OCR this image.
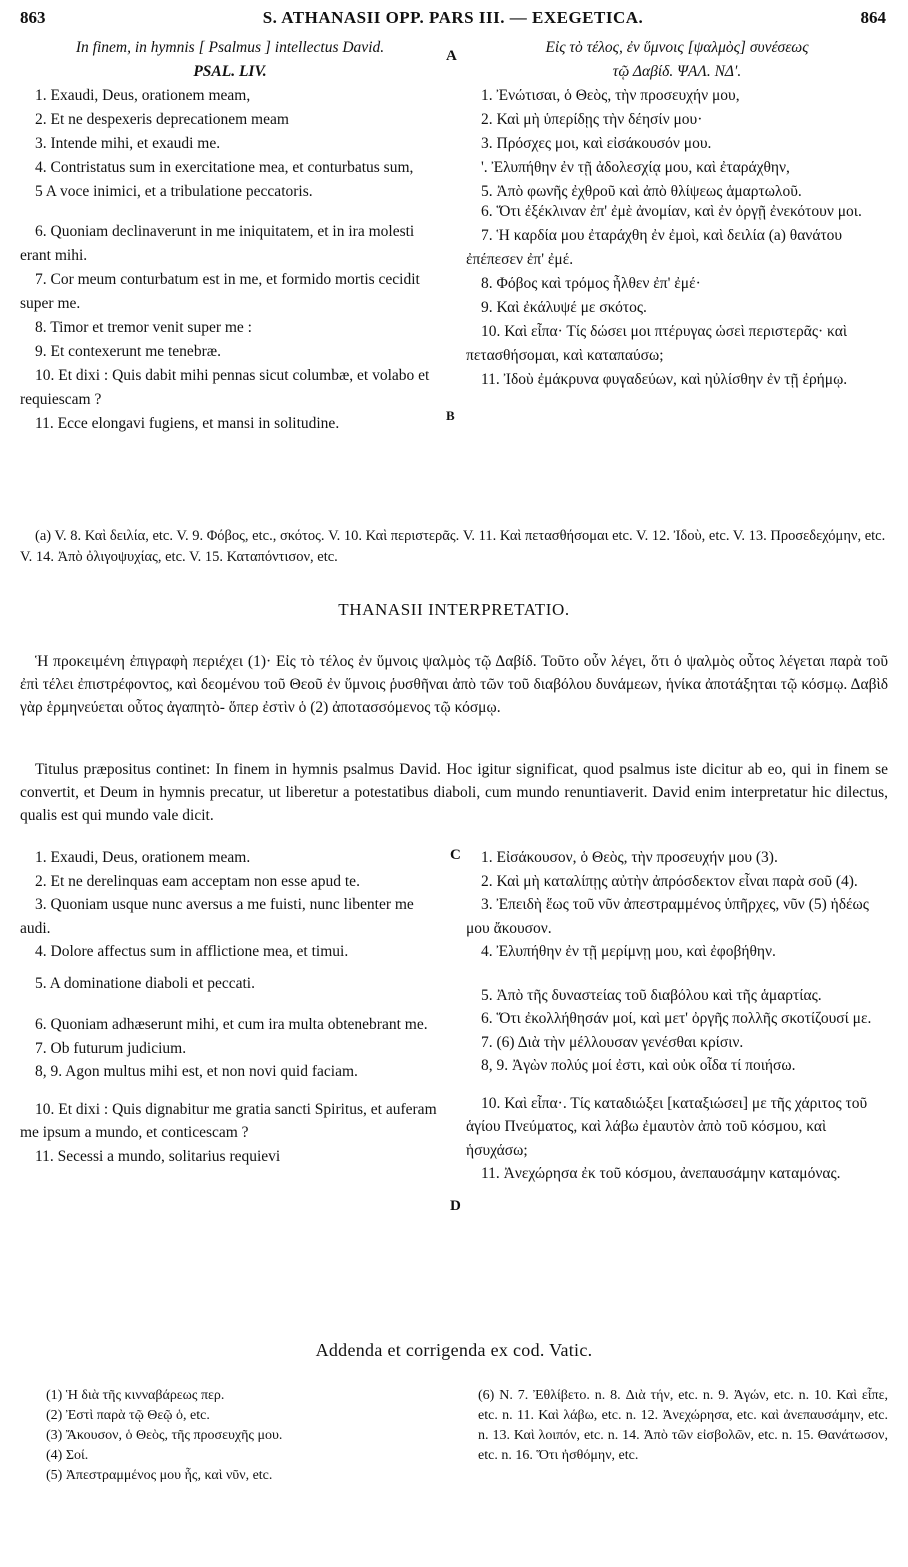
863	S. ATHANASII OPP. PARS III. — EXEGETICA.	864

In finem, in hymnis [ Psalmus ] intellectus David.

PSAL. LIV.

1. Exaudi, Deus, orationem meam,

2. Et ne despexeris deprecationem meam

3. Intende mihi, et exaudi me.

4. Contristatus sum in exercitatione mea, et conturbatus sum,

5 A voce inimici, et a tribulatione peccatoris.

6. Quoniam declinaverunt in me iniquitatem, et in ira molesti erant mihi.

7. Cor meum conturbatum est in me, et formido mortis cecidit super me.

8. Timor et tremor venit super me :

9. Et contexerunt me tenebræ.

10. Et dixi : Quis dabit mihi pennas sicut columbæ, et volabo et requiescam ?

11. Ecce elongavi fugiens, et mansi in solitudine.

A
B

Εἰς τὸ τέλος, ἐν ὕμνοις [ψαλμὸς] συνέσεως

τῷ Δαβίδ. ΨΑΛ. ΝΔ'.

1. Ἐνώτισαι, ὁ Θεὸς, τὴν προσευχήν μου,

2. Καὶ μὴ ὑπερίδῃς τὴν δέησίν μου·

3. Πρόσχες μοι, καὶ εἰσάκουσόν μου.

'. Ἐλυπήθην ἐν τῇ ἀδολεσχίᾳ μου, καὶ ἐταράχθην,

5. Ἀπὸ φωνῆς ἐχθροῦ καὶ ἀπὸ θλίψεως ἁμαρτωλοῦ.

6. Ὅτι ἐξέκλιναν ἐπ' ἐμὲ ἀνομίαν, καὶ ἐν ὀργῇ ἐνεκότουν μοι.

7. Ἡ καρδία μου ἐταράχθη ἐν ἐμοὶ, καὶ δειλία (a) θανάτου ἐπέπεσεν ἐπ' ἐμέ.

8. Φόβος καὶ τρόμος ἦλθεν ἐπ' ἐμέ·

9. Καὶ ἐκάλυψέ με σκότος.

10. Καὶ εἶπα· Τίς δώσει μοι πτέρυγας ὡσεὶ περιστερᾶς· καὶ πετασθήσομαι, καὶ καταπαύσω;

11. Ἰδοὺ ἐμάκρυνα φυγαδεύων, καὶ ηὐλίσθην ἐν τῇ ἐρήμῳ.

(a) V. 8. Καὶ δειλία, etc. V. 9. Φόβος, etc., σκότος. V. 10. Καὶ περιστερᾶς. V. 11. Καὶ πετασθήσομαι etc. V. 12. Ἰδοὺ, etc. V. 13. Προσεδεχόμην, etc. V. 14. Ἀπὸ ὀλιγοψυχίας, etc. V. 15. Καταπόντισον, etc.

THANASII INTERPRETATIO.

Ἡ προκειμένη ἐπιγραφὴ περιέχει (1)· Εἰς τὸ τέλος ἐν ὕμνοις ψαλμὸς τῷ Δαβίδ. Τοῦτο οὖν λέγει, ὅτι ὁ ψαλμὸς οὗτος λέγεται παρὰ τοῦ ἐπὶ τέλει ἐπιστρέφοντος, καὶ δεομένου τοῦ Θεοῦ ἐν ὕμνοις ῥυσθῆναι ἀπὸ τῶν τοῦ διαβόλου δυνάμεων, ἡνίκα ἀποτάξηται τῷ κόσμῳ. Δαβὶδ γὰρ ἑρμηνεύεται οὗτος ἀγαπητὸ- ὅπερ ἐστὶν ὁ (2) ἀποτασσόμενος τῷ κόσμῳ.

Titulus præpositus continet: In finem in hymnis psalmus David. Hoc igitur significat, quod psalmus iste dicitur ab eo, qui in finem se convertit, et Deum in hymnis precatur, ut liberetur a potestatibus diaboli, cum mundo renuntiaverit. David enim interpretatur hic dilectus, qualis est qui mundo vale dicit.

1. Exaudi, Deus, orationem meam.

2. Et ne derelinquas eam acceptam non esse apud te.

3. Quoniam usque nunc aversus a me fuisti, nunc libenter me audi.

4. Dolore affectus sum in afflictione mea, et timui.

5. A dominatione diaboli et peccati.

6. Quoniam adhæserunt mihi, et cum ira multa obtenebrant me.

7. Ob futurum judicium.

8, 9. Agon multus mihi est, et non novi quid faciam.

10. Et dixi : Quis dignabitur me gratia sancti Spiritus, et auferam me ipsum a mundo, et conticescam ?

11. Secessi a mundo, solitarius requievi

C
D

1. Εἰσάκουσον, ὁ Θεὸς, τὴν προσευχήν μου (3).

2. Καὶ μὴ καταλίπῃς αὐτὴν ἀπρόσδεκτον εἶναι παρὰ σοῦ (4).

3. Ἐπειδὴ ἕως τοῦ νῦν ἀπεστραμμένος ὑπῆρχες, νῦν (5) ἡδέως μου ἄκουσον.

4. Ἐλυπήθην ἐν τῇ μερίμνῃ μου, καὶ ἐφοβήθην.

5. Ἀπὸ τῆς δυναστείας τοῦ διαβόλου καὶ τῆς ἁμαρτίας.

6. Ὅτι ἐκολλήθησάν μοί, καὶ μετ' ὀργῆς πολλῆς σκοτίζουσί με.

7. (6) Διὰ τὴν μέλλουσαν γενέσθαι κρίσιν.

8, 9. Ἀγὼν πολύς μοί ἐστι, καὶ οὐκ οἶδα τί ποιήσω.

10. Καὶ εἶπα·. Τίς καταδιώξει [καταξιώσει] με τῆς χάριτος τοῦ ἁγίου Πνεύματος, καὶ λάβω ἐμαυτὸν ἀπὸ τοῦ κόσμου, καὶ ἡσυχάσω;

11. Ἀνεχώρησα ἐκ τοῦ κόσμου, ἀνεπαυσάμην καταμόνας.

Addenda et corrigenda ex cod. Vatic.

(1) Ἡ διὰ τῆς κινναβάρεως περ.

(2) Ἐστὶ παρὰ τῷ Θεῷ ὁ, etc.

(3) Ἄκουσον, ὁ Θεὸς, τῆς προσευχῆς μου.

(4) Σοί.

(5) Ἀπεστραμμένος μου ἧς, καὶ νῦν, etc.

(6) N. 7. Ἐθλίβετο. n. 8. Διὰ τήν, etc. n. 9. Ἀγών, etc. n. 10. Καὶ εἶπε, etc. n. 11. Καὶ λάβω, etc. n. 12. Ἀνεχώρησα, etc. καὶ ἀνεπαυσάμην, etc. n. 13. Καὶ λοιπόν, etc. n. 14. Ἀπὸ τῶν εἰσβολῶν, etc. n. 15. Θανάτωσον, etc. n. 16. Ὅτι ἠσθόμην, etc.
